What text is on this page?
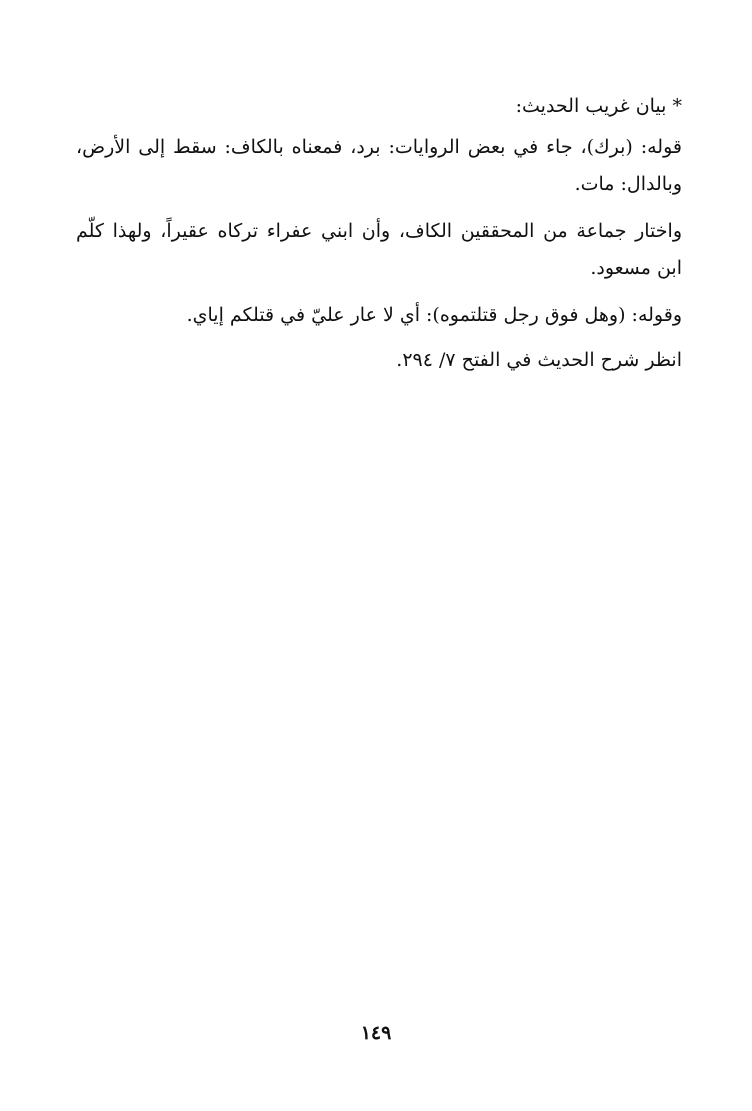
* بيان غريب الحديث:
قوله: (برك)، جاء في بعض الروايات: برد، فمعناه بالكاف: سقط إلى الأرض، وبالدال: مات.
واختار جماعة من المحققين الكاف، وأن ابني عفراء تركاه عقيراً، ولهذا كلّم ابن مسعود.
وقوله: (وهل فوق رجل قتلتموه): أي لا عار عليّ في قتلكم إياي.
انظر شرح الحديث في الفتح ٧/ ٢٩٤.
١٤٩
